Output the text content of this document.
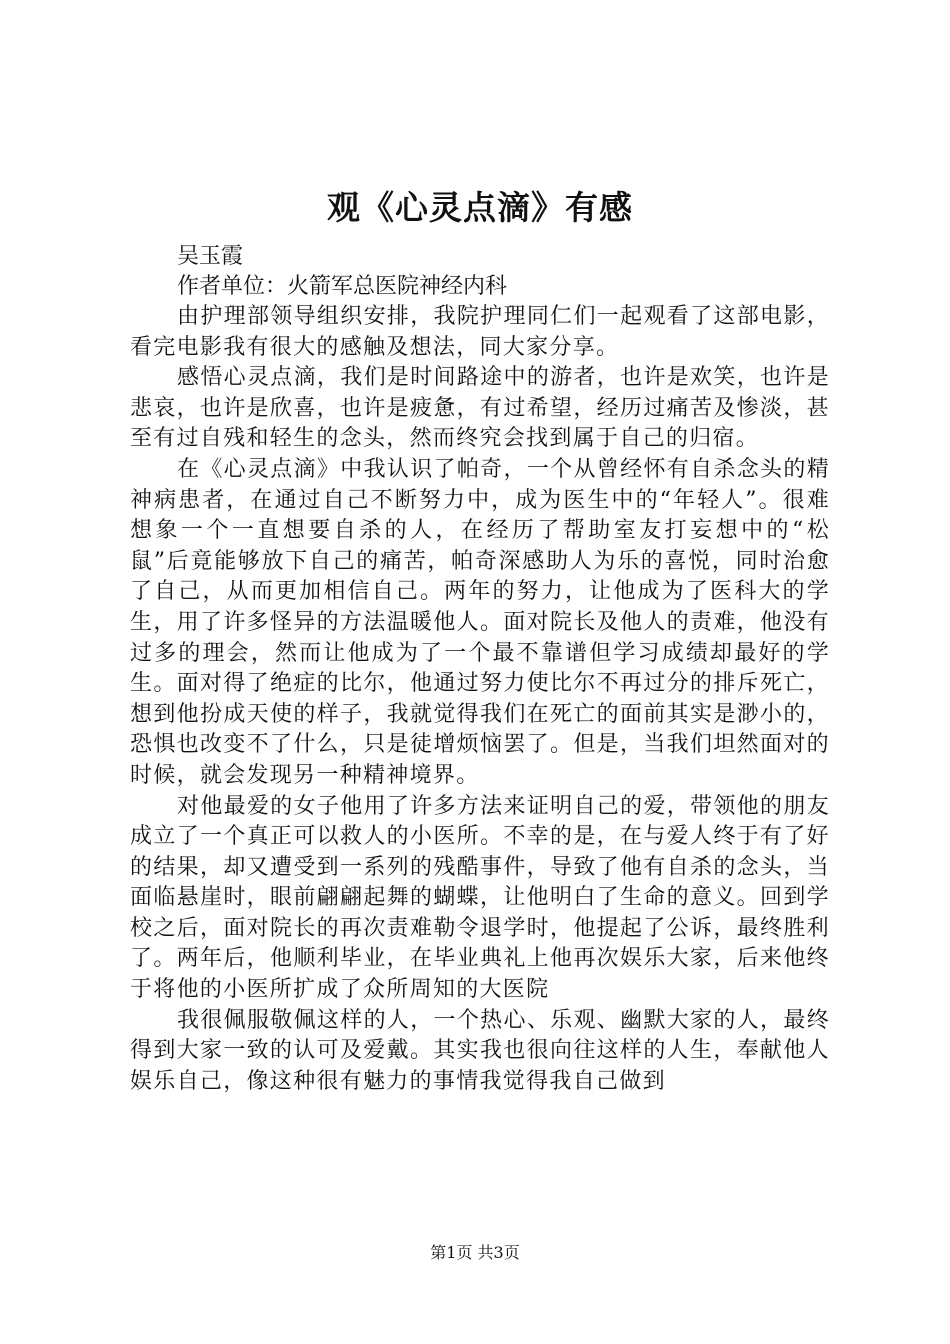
观《心灵点滴》有感

吴玉霞

作者单位：火箭军总医院神经内科

由护理部领导组织安排，我院护理同仁们一起观看了这部电影，看完电影我有很大的感触及想法，同大家分享。

感悟心灵点滴，我们是时间路途中的游者，也许是欢笑，也许是悲哀，也许是欣喜，也许是疲惫，有过希望，经历过痛苦及惨淡，甚至有过自残和轻生的念头，然而终究会找到属于自己的归宿。

在《心灵点滴》中我认识了帕奇，一个从曾经怀有自杀念头的精神病患者，在通过自己不断努力中，成为医生中的“年轻人”。很难想象一个一直想要自杀的人，在经历了帮助室友打妄想中的“松鼠”后竟能够放下自己的痛苦，帕奇深感助人为乐的喜悦，同时治愈了自己，从而更加相信自己。两年的努力，让他成为了医科大的学生，用了许多怪异的方法温暖他人。面对院长及他人的责难，他没有过多的理会，然而让他成为了一个最不靠谱但学习成绩却最好的学生。面对得了绝症的比尔，他通过努力使比尔不再过分的排斥死亡，想到他扮成天使的样子，我就觉得我们在死亡的面前其实是渺小的，恐惧也改变不了什么，只是徒增烦恼罢了。但是，当我们坦然面对的时候，就会发现另一种精神境界。

对他最爱的女子他用了许多方法来证明自己的爱，带领他的朋友成立了一个真正可以救人的小医所。不幸的是，在与爱人终于有了好的结果，却又遭受到一系列的残酷事件，导致了他有自杀的念头，当面临悬崖时，眼前翩翩起舞的蝴蝶，让他明白了生命的意义。回到学校之后，面对院长的再次责难勒令退学时，他提起了公诉，最终胜利了。两年后，他顺利毕业，在毕业典礼上他再次娱乐大家，后来他终于将他的小医所扩成了众所周知的大医院

我很佩服敬佩这样的人，一个热心、乐观、幽默大家的人，最终得到大家一致的认可及爱戴。其实我也很向往这样的人生，奉献他人娱乐自己，像这种很有魅力的事情我觉得我自己做到

第1页 共3页
